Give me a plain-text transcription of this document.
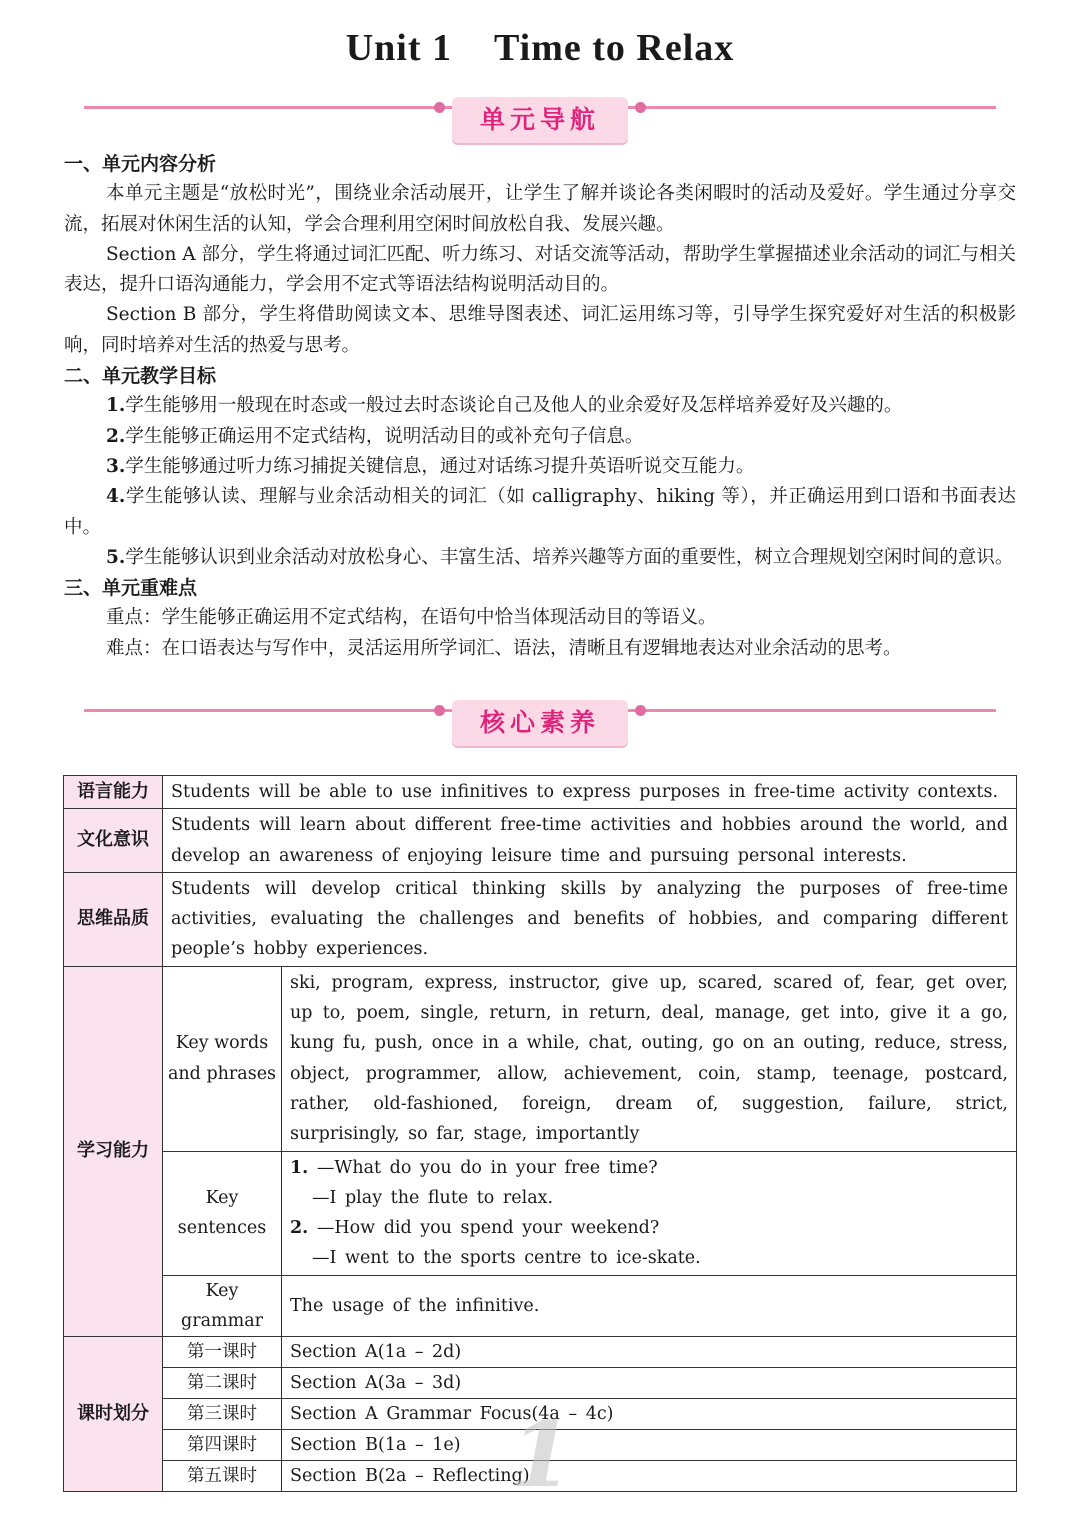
Unit 1 Time to Relax
单元导航

一、单元内容分析

本单元主题是“放松时光”，围绕业余活动展开，让学生了解并谈论各类闲暇时的活动及爱好。学生通过分享交流，拓展对休闲生活的认知，学会合理利用空闲时间放松自我、发展兴趣。

Section A 部分，学生将通过词汇匹配、听力练习、对话交流等活动，帮助学生掌握描述业余活动的词汇与相关表达，提升口语沟通能力，学会用不定式等语法结构说明活动目的。

Section B 部分，学生将借助阅读文本、思维导图表述、词汇运用练习等，引导学生探究爱好对生活的积极影响，同时培养对生活的热爱与思考。

二、单元教学目标

1.学生能够用一般现在时态或一般过去时态谈论自己及他人的业余爱好及怎样培养爱好及兴趣的。

2.学生能够正确运用不定式结构，说明活动目的或补充句子信息。

3.学生能够通过听力练习捕捉关键信息，通过对话练习提升英语听说交互能力。

4.学生能够认读、理解与业余活动相关的词汇（如 calligraphy、hiking 等），并正确运用到口语和书面表达中。

5.学生能够认识到业余活动对放松身心、丰富生活、培养兴趣等方面的重要性，树立合理规划空闲时间的意识。

三、单元重难点

重点：学生能够正确运用不定式结构，在语句中恰当体现活动目的等语义。

难点：在口语表达与写作中，灵活运用所学词汇、语法，清晰且有逻辑地表达对业余活动的思考。

核心素养
语言能力	Students will be able to use infinitives to express purposes in free-time activity contexts.	
文化意识	Students will learn about different free-time activities and hobbies around the world, and develop an awareness of enjoying leisure time and pursuing personal interests.	
思维品质	Students will develop critical thinking skills by analyzing the purposes of free-time activities, evaluating the challenges and benefits of hobbies, and comparing different people’s hobby experiences.	
学习能力	Key words and phrases	ski, program, express, instructor, give up, scared, scared of, fear, get over, up to, poem, single, return, in return, deal, manage, get into, give it a go, kung fu, push, once in a while, chat, outing, go on an outing, reduce, stress, object, programmer, allow, achievement, coin, stamp, teenage, postcard, rather, old-fashioned, foreign, dream of, suggestion, failure, strict, surprisingly, so far, stage, importantly
	Key sentences	1. —What do you do in your free time?
—I play the flute to relax.
2. —How did you spend your weekend?
—I went to the sports centre to ice-skate.

	Key grammar	The usage of the infinitive.
课时划分	第一课时	Section A(1a – 2d)
	第二课时	Section A(3a – 3d)
	第三课时	Section A Grammar Focus(4a – 4c)
	第四课时	Section B(1a – 1e)
	第五课时	Section B(2a – Reflecting)
1
